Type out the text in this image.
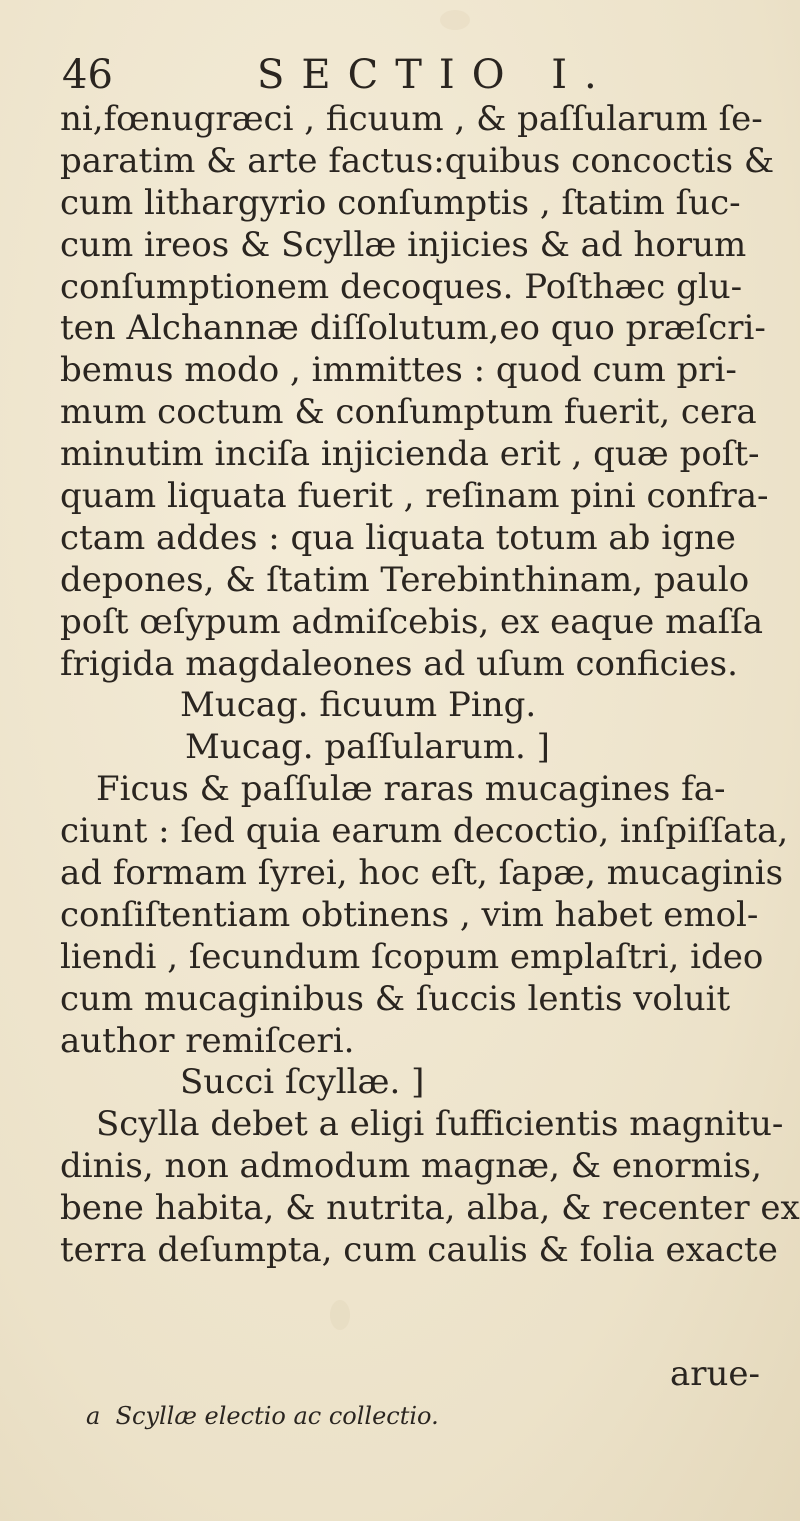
46	SECTIO I.
ni,fœnugræci , ficuum , & paſſularum ſe-
paratim & arte factus:quibus concoctis &
cum lithargyrio conſumptis , ſtatim ſuc-
cum ireos & Scyllæ injicies & ad horum
conſumptionem decoques. Poſthæc glu-
ten Alchannæ diſſolutum,eo quo præſcri-
bemus modo , immittes : quod cum pri-
mum coctum & conſumptum fuerit, cera
minutim inciſa injicienda erit , quæ poſt-
quam liquata fuerit , reſinam pini confra-
ctam addes : qua liquata totum ab igne
depones, & ſtatim Terebinthinam, paulo
poſt œſypum admiſcebis, ex eaque maſſa
frigida magdaleones ad uſum conficies.
Mucag. ficuum Ping.
Mucag. paſſularum. ]
Ficus & paſſulæ raras mucagines fa-
ciunt : ſed quia earum decoctio, inſpiſſata,
ad formam ſyrei, hoc eſt, ſapæ, mucaginis
conſiſtentiam obtinens , vim habet emol-
liendi , ſecundum ſcopum emplaſtri, ideo
cum mucaginibus & ſuccis lentis voluit
author remiſceri.
Succi ſcyllæ. ]
Scylla debet a eligi ſufficientis magnitu-
dinis, non admodum magnæ, & enormis,
bene habita, & nutrita, alba, & recenter ex
terra deſumpta, cum caulis & folia exacte
arue-
a  Scyllæ electio ac collectio.
